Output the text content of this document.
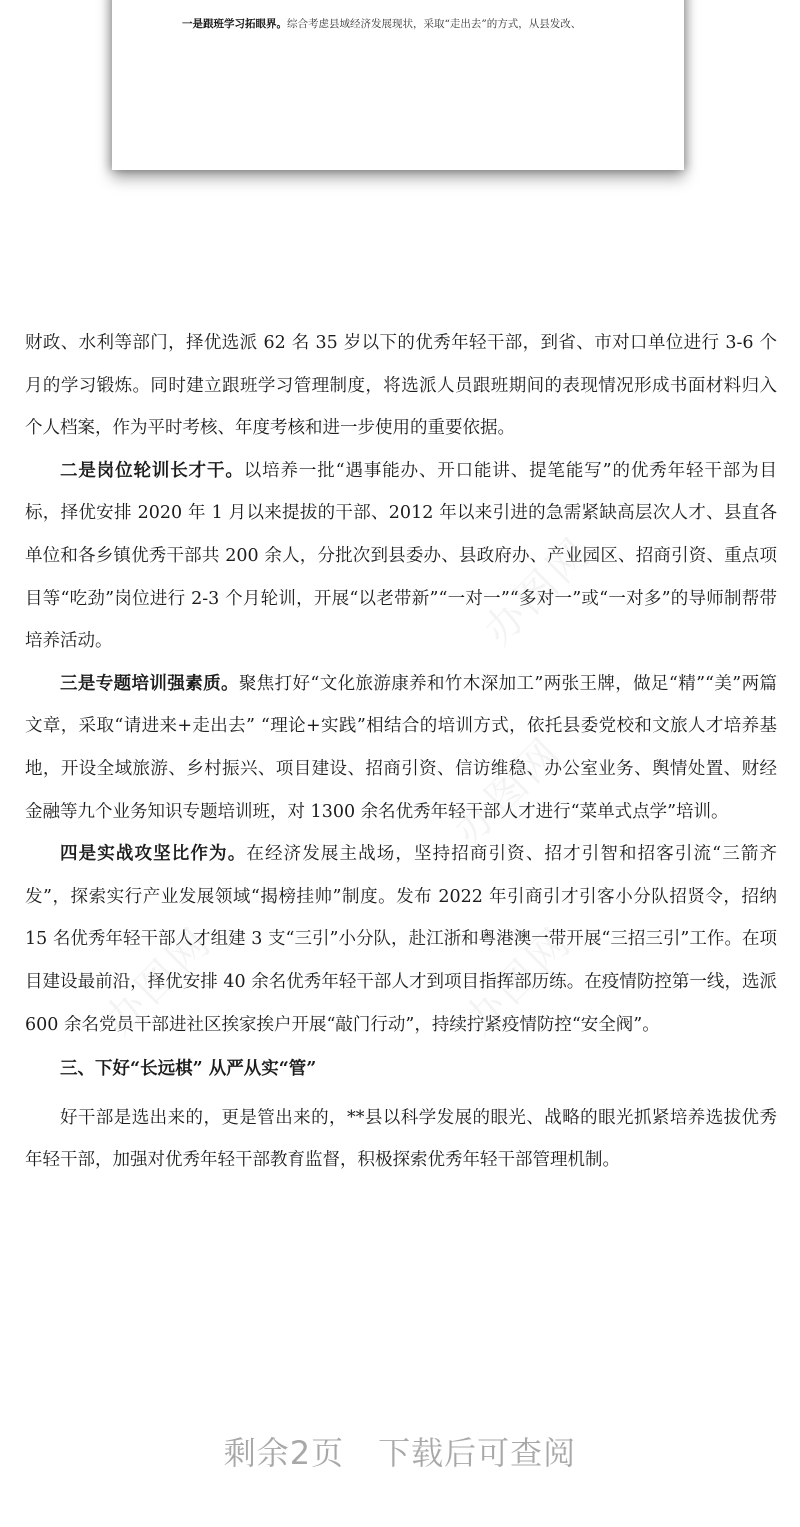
一是跟班学习拓眼界。综合考虑县域经济发展现状，采取“走出去”的方式，从县发改、
办图网
办图网
办图网
办图网

财政、水利等部门，择优选派 62 名 35 岁以下的优秀年轻干部，到省、市对口单位进行 3-6 个月的学习锻炼。同时建立跟班学习管理制度，将选派人员跟班期间的表现情况形成书面材料归入个人档案，作为平时考核、年度考核和进一步使用的重要依据。

二是岗位轮训长才干。以培养一批“遇事能办、开口能讲、提笔能写”的优秀年轻干部为目标，择优安排 2020 年 1 月以来提拔的干部、2012 年以来引进的急需紧缺高层次人才、县直各单位和各乡镇优秀干部共 200 余人，分批次到县委办、县政府办、产业园区、招商引资、重点项目等“吃劲”岗位进行 2-3 个月轮训，开展“以老带新”“一对一”“多对一”或“一对多”的导师制帮带培养活动。

三是专题培训强素质。聚焦打好“文化旅游康养和竹木深加工”两张王牌，做足“精”“美”两篇文章，采取“请进来+走出去” “理论+实践”相结合的培训方式，依托县委党校和文旅人才培养基地，开设全域旅游、乡村振兴、项目建设、招商引资、信访维稳、办公室业务、舆情处置、财经金融等九个业务知识专题培训班，对 1300 余名优秀年轻干部人才进行“菜单式点学”培训。

四是实战攻坚比作为。在经济发展主战场，坚持招商引资、招才引智和招客引流“三箭齐发”，探索实行产业发展领域“揭榜挂帅”制度。发布 2022 年引商引才引客小分队招贤令，招纳 15 名优秀年轻干部人才组建 3 支“三引”小分队，赴江浙和粤港澳一带开展“三招三引”工作。在项目建设最前沿，择优安排 40 余名优秀年轻干部人才到项目指挥部历练。在疫情防控第一线，选派 600 余名党员干部进社区挨家挨户开展“敲门行动”，持续拧紧疫情防控“安全阀”。

三、下好“长远棋” 从严从实“管”

好干部是选出来的，更是管出来的，**县以科学发展的眼光、战略的眼光抓紧培养选拔优秀年轻干部，加强对优秀年轻干部教育监督，积极探索优秀年轻干部管理机制。

剩余2页 下载后可查阅
